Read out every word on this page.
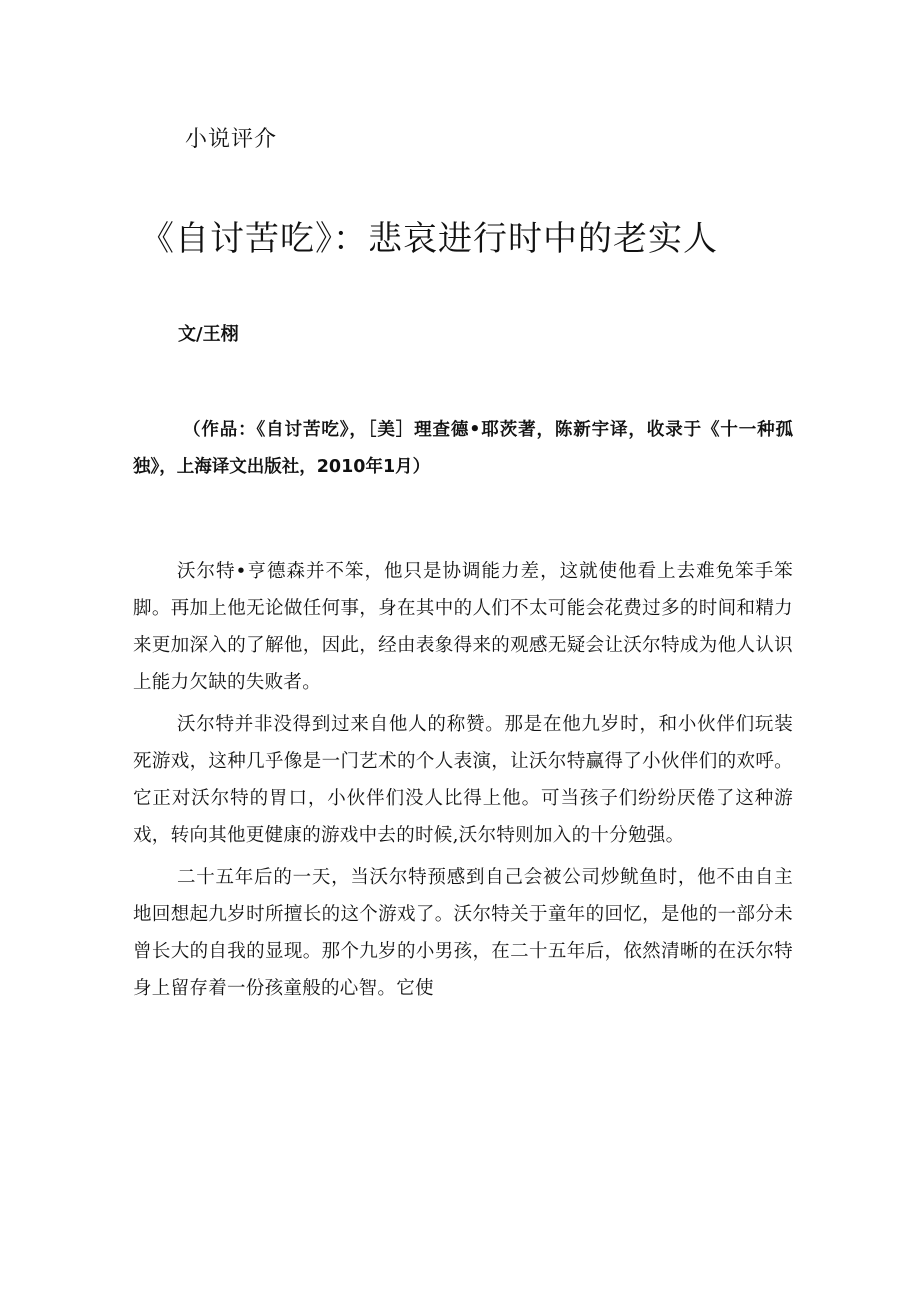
小说评介
《自讨苦吃》：悲哀进行时中的老实人
文/王栩
（作品：《自讨苦吃》，［美］理查德•耶茨著，陈新宇译，收录于《十一种孤独》，上海译文出版社，2010年1月）

沃尔特•亨德森并不笨，他只是协调能力差，这就使他看上去难免笨手笨脚。再加上他无论做任何事，身在其中的人们不太可能会花费过多的时间和精力来更加深入的了解他，因此，经由表象得来的观感无疑会让沃尔特成为他人认识上能力欠缺的失败者。

沃尔特并非没得到过来自他人的称赞。那是在他九岁时，和小伙伴们玩装死游戏，这种几乎像是一门艺术的个人表演，让沃尔特赢得了小伙伴们的欢呼。它正对沃尔特的胃口，小伙伴们没人比得上他。可当孩子们纷纷厌倦了这种游戏，转向其他更健康的游戏中去的时候,沃尔特则加入的十分勉强。

二十五年后的一天，当沃尔特预感到自己会被公司炒鱿鱼时，他不由自主地回想起九岁时所擅长的这个游戏了。沃尔特关于童年的回忆，是他的一部分未曾长大的自我的显现。那个九岁的小男孩，在二十五年后，依然清晰的在沃尔特身上留存着一份孩童般的心智。它使
